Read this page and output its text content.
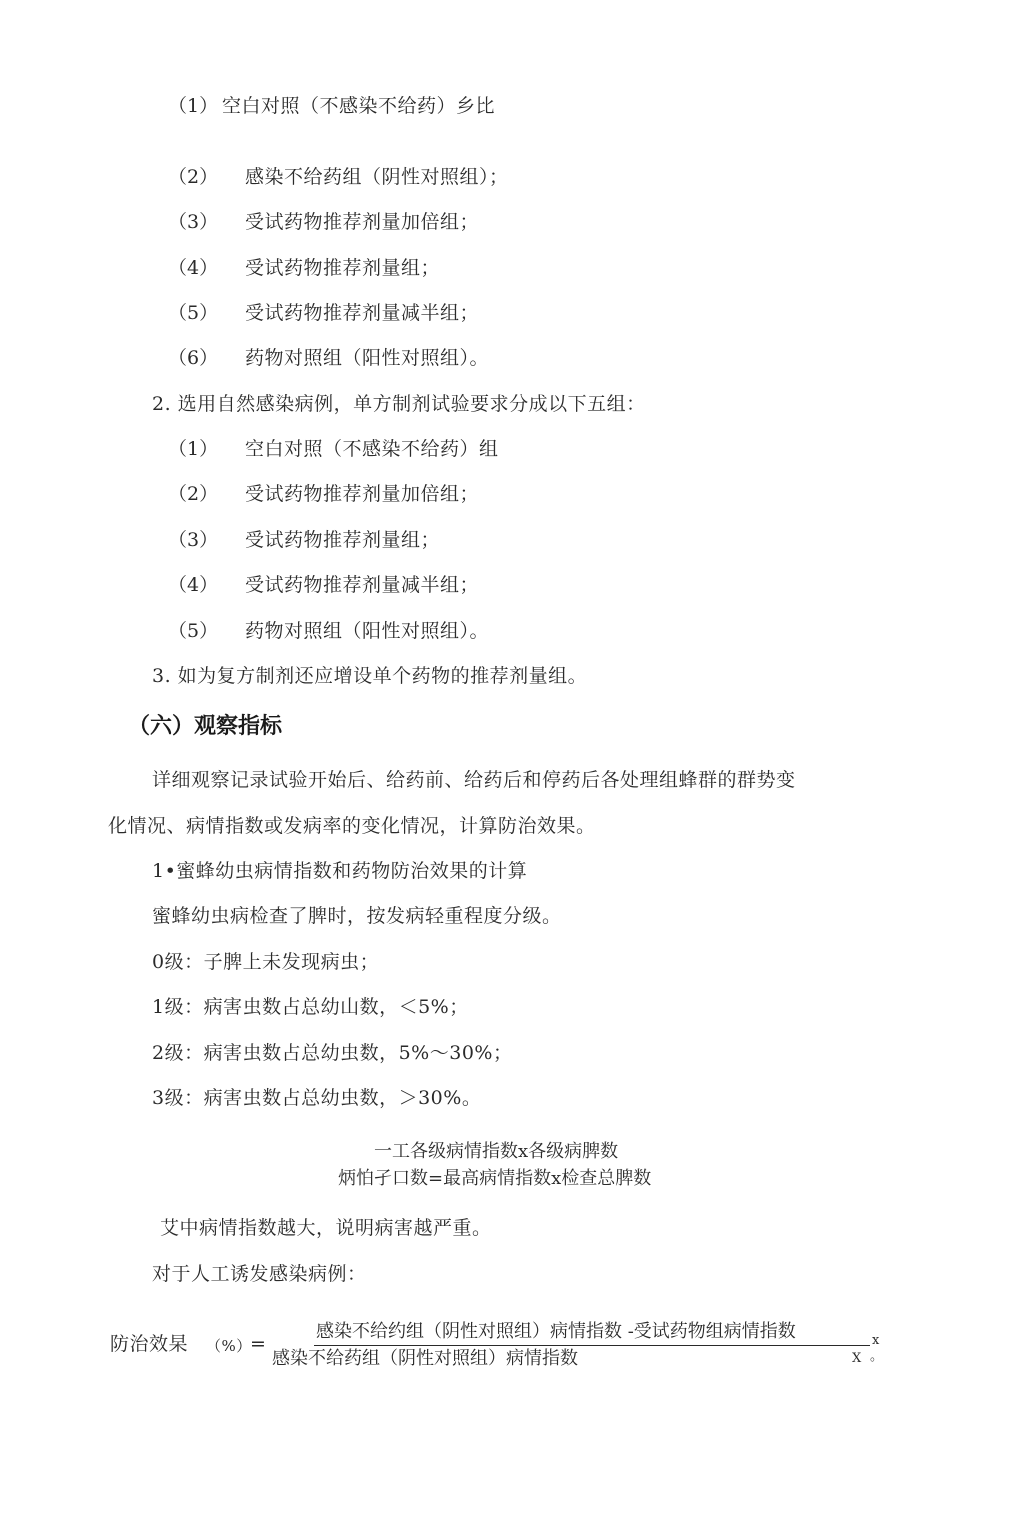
（1） 空白对照（不感染不给药）乡比
（2） 感染不给药组（阴性对照组）；
（3） 受试药物推荐剂量加倍组；
（4） 受试药物推荐剂量组；
（5） 受试药物推荐剂量减半组；
（6） 药物对照组（阳性对照组）。
2. 选用自然感染病例，单方制剂试验要求分成以下五组：
（1） 空白对照（不感染不给药）组
（2） 受试药物推荐剂量加倍组；
（3） 受试药物推荐剂量组；
（4） 受试药物推荐剂量减半组；
（5） 药物对照组（阳性对照组）。
3. 如为复方制剂还应增设单个药物的推荐剂量组。
（六）观察指标
详细观察记录试验开始后、给药前、给药后和停药后各处理组蜂群的群势变
化情况、病情指数或发病率的变化情况，计算防治效果。
1•蜜蜂幼虫病情指数和药物防治效果的计算
蜜蜂幼虫病检查了脾时，按发病轻重程度分级。
0级：子脾上未发现病虫；
1级：病害虫数占总幼山数，＜5%；
2级：病害虫数占总幼虫数，5%～30%；
3级：病害虫数占总幼虫数，＞30%。
一工各级病情指数x各级病脾数
炳怕孑口数=最高病情指数x检查总脾数
艾中病情指数越大，说明病害越严重。
对于人工诱发感染病例：
防治效杲 （%）
=
感染不给约组（阴性对照组）病情指数 -受试药物组病情指数
感染不给药组（阴性对照组）病情指数
x
X 。
